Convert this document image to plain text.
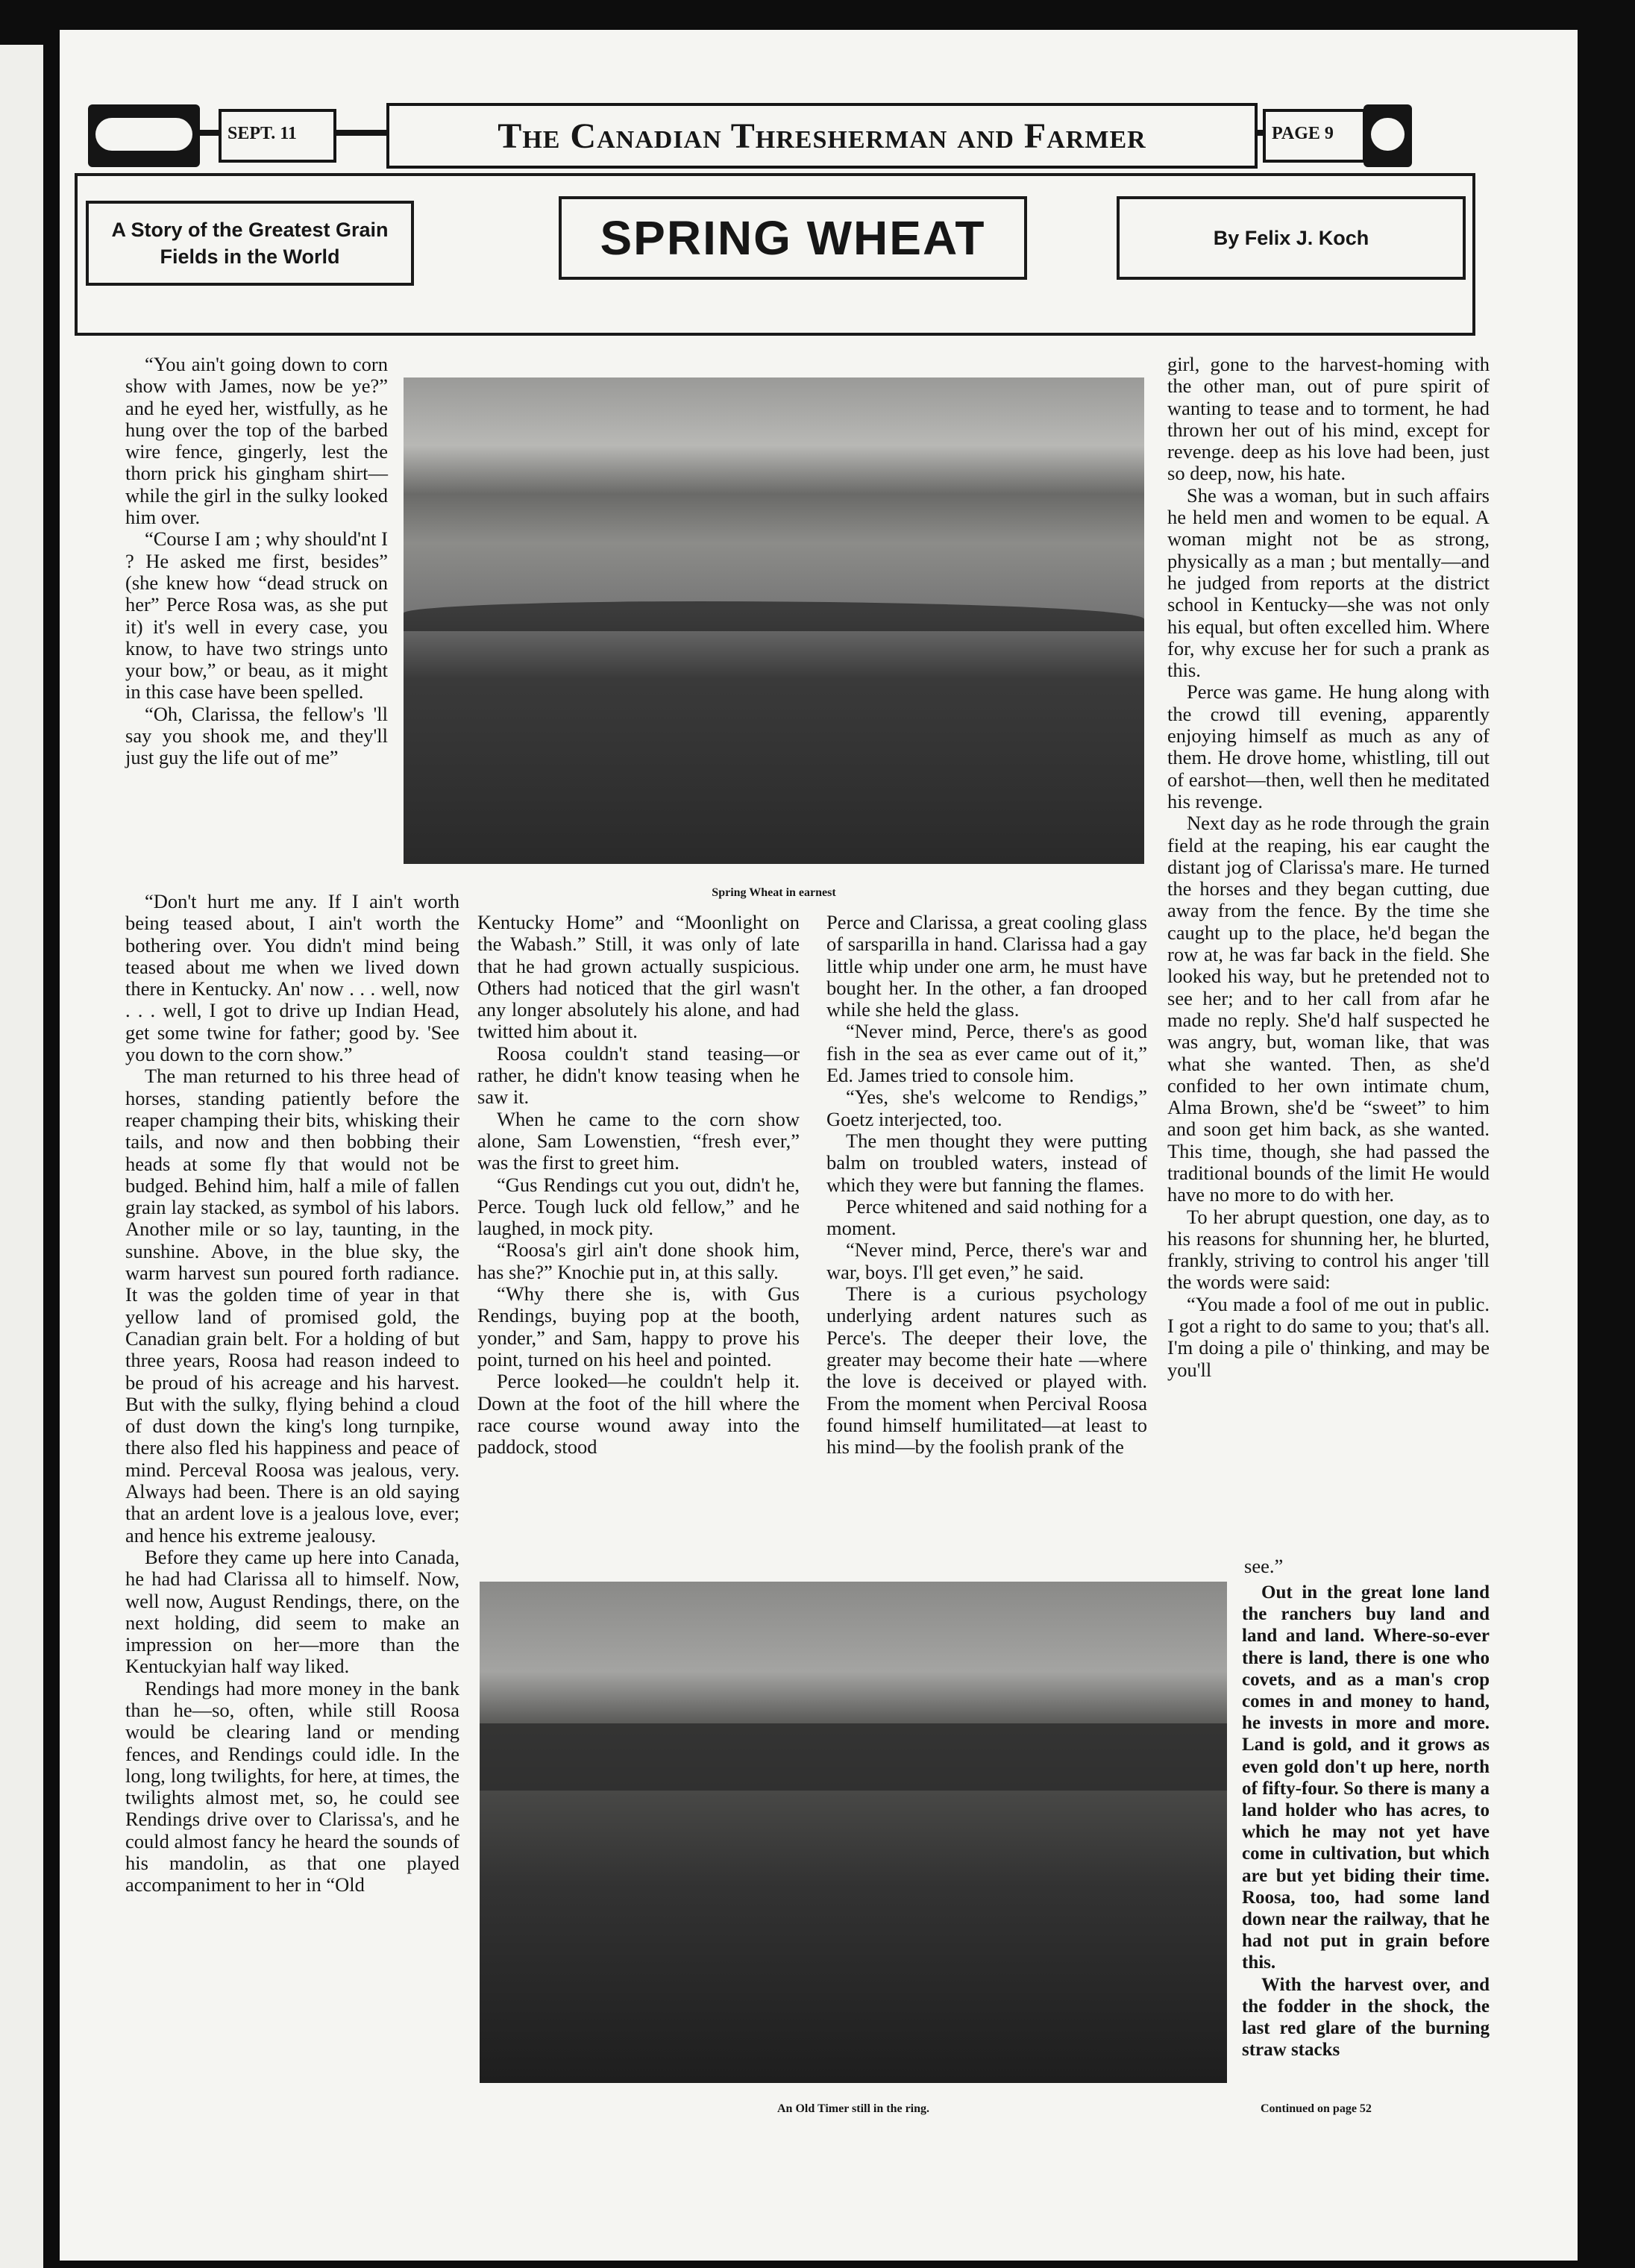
SEPT. 11	The Canadian Thresherman and Farmer	PAGE 9
A Story of the Greatest Grain Fields in the World	SPRING WHEAT	By Felix J. Koch
Spring Wheat in earnest
An Old Timer still in the ring.

“You ain't going down to corn show with James, now be ye?” and he eyed her, wistfully, as he hung over the top of the barbed wire fence, gingerly, lest the thorn prick his gingham shirt—while the girl in the sulky looked him over.

“Course I am ; why should'nt I ? He asked me first, besides” (she knew how “dead struck on her” Perce Rosa was, as she put it) it's well in every case, you know, to have two strings unto your bow,” or beau, as it might in this case have been spelled.

“Oh, Clarissa, the fellow's 'll say you shook me, and they'll just guy the life out of me”

“Don't hurt me any. If I ain't worth being teased about, I ain't worth the bothering over. You didn't mind being teased about me when we lived down there in Kentucky. An' now . . . well, now . . . well, I got to drive up Indian Head, get some twine for father; good by. 'See you down to the corn show.”

The man returned to his three head of horses, standing patiently before the reaper champing their bits, whisking their tails, and now and then bobbing their heads at some fly that would not be budged. Behind him, half a mile of fallen grain lay stacked, as symbol of his labors. Another mile or so lay, taunting, in the sunshine. Above, in the blue sky, the warm harvest sun poured forth radiance. It was the golden time of year in that yellow land of promised gold, the Canadian grain belt. For a holding of but three years, Roosa had reason indeed to be proud of his acreage and his harvest. But with the sulky, flying behind a cloud of dust down the king's long turnpike, there also fled his happiness and peace of mind. Perceval Roosa was jealous, very. Always had been. There is an old saying that an ardent love is a jealous love, ever; and hence his extreme jealousy.

Before they came up here into Canada, he had had Clarissa all to himself. Now, well now, August Rendings, there, on the next holding, did seem to make an impression on her—more than the Kentuckyian half way liked.

Rendings had more money in the bank than he—so, often, while still Roosa would be clearing land or mending fences, and Rendings could idle. In the long, long twilights, for here, at times, the twilights almost met, so, he could see Rendings drive over to Clarissa's, and he could almost fancy he heard the sounds of his mandolin, as that one played accompaniment to her in “Old

Kentucky Home” and “Moonlight on the Wabash.” Still, it was only of late that he had grown actually suspicious. Others had noticed that the girl wasn't any longer absolutely his alone, and had twitted him about it.

Roosa couldn't stand teasing—or rather, he didn't know teasing when he saw it.

When he came to the corn show alone, Sam Lowenstien, “fresh ever,” was the first to greet him.

“Gus Rendings cut you out, didn't he, Perce. Tough luck old fellow,” and he laughed, in mock pity.

“Roosa's girl ain't done shook him, has she?” Knochie put in, at this sally.

“Why there she is, with Gus Rendings, buying pop at the booth, yonder,” and Sam, happy to prove his point, turned on his heel and pointed.

Perce looked—he couldn't help it. Down at the foot of the hill where the race course wound away into the paddock, stood

Perce and Clarissa, a great cooling glass of sarsparilla in hand. Clarissa had a gay little whip under one arm, he must have bought her. In the other, a fan drooped while she held the glass.

“Never mind, Perce, there's as good fish in the sea as ever came out of it,” Ed. James tried to console him.

“Yes, she's welcome to Rendigs,” Goetz interjected, too.

The men thought they were putting balm on troubled waters, instead of which they were but fanning the flames.

Perce whitened and said nothing for a moment.

“Never mind, Perce, there's war and war, boys. I'll get even,” he said.

There is a curious psychology underlying ardent natures such as Perce's. The deeper their love, the greater may become their hate —where the love is deceived or played with. From the moment when Percival Roosa found himself humilitated—at least to his mind—by the foolish prank of the

girl, gone to the harvest-homing with the other man, out of pure spirit of wanting to tease and to torment, he had thrown her out of his mind, except for revenge. deep as his love had been, just so deep, now, his hate.

She was a woman, but in such affairs he held men and women to be equal. A woman might not be as strong, physically as a man ; but mentally—and he judged from reports at the district school in Kentucky—she was not only his equal, but often excelled him. Where for, why excuse her for such a prank as this.

Perce was game. He hung along with the crowd till evening, apparently enjoying himself as much as any of them. He drove home, whistling, till out of earshot—then, well then he meditated his revenge.

Next day as he rode through the grain field at the reaping, his ear caught the distant jog of Clarissa's mare. He turned the horses and they began cutting, due away from the fence. By the time she caught up to the place, he'd began the row at, he was far back in the field. She looked his way, but he pretended not to see her; and to her call from afar he made no reply. She'd half suspected he was angry, but, woman like, that was what she wanted. Then, as she'd confided to her own intimate chum, Alma Brown, she'd be “sweet” to him and soon get him back, as she wanted. This time, though, she had passed the traditional bounds of the limit He would have no more to do with her.

To her abrupt question, one day, as to his reasons for shunning her, he blurted, frankly, striving to control his anger 'till the words were said:

“You made a fool of me out in public. I got a right to do same to you; that's all. I'm doing a pile o' thinking, and may be you'll

see.”

Out in the great lone land the ranchers buy land and land and land. Where-so-ever there is land, there is one who covets, and as a man's crop comes in and money to hand, he invests in more and more. Land is gold, and it grows as even gold don't up here, north of fifty-four. So there is many a land holder who has acres, to which he may not yet have come in cultivation, but which are but yet biding their time. Roosa, too, had some land down near the railway, that he had not put in grain before this.

With the harvest over, and the fodder in the shock, the last red glare of the burning straw stacks

Continued on page 52
